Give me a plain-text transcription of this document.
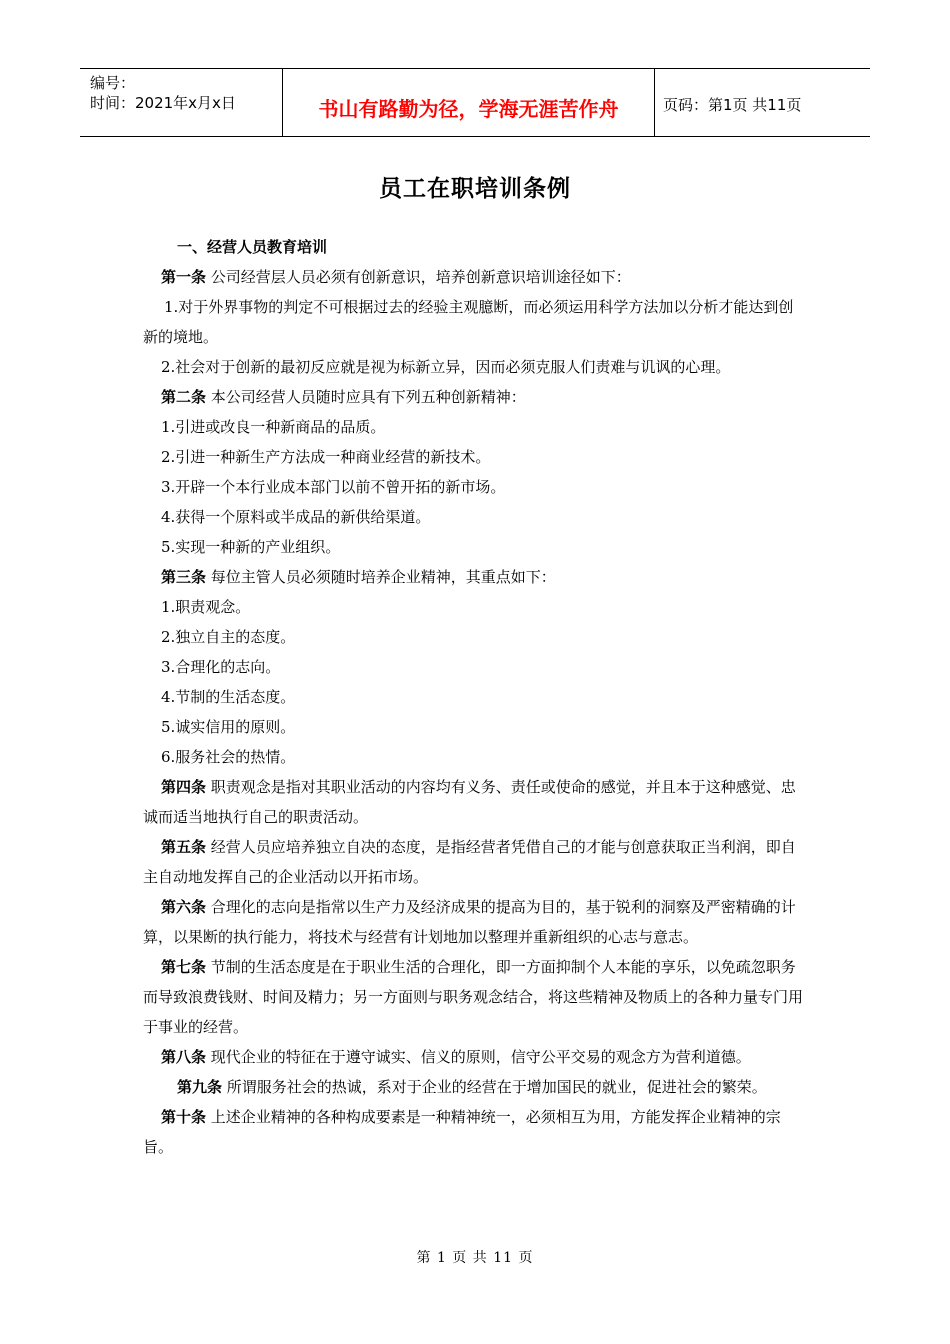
编号：
时间：2021年x月x日	书山有路勤为径，学海无涯苦作舟	页码：第1页 共11页
员工在职培训条例

一、经营人员教育培训

第一条 公司经营层人员必须有创新意识，培养创新意识培训途径如下：

1.对于外界事物的判定不可根据过去的经验主观臆断，而必须运用科学方法加以分析才能达到创新的境地。

2.社会对于创新的最初反应就是视为标新立异，因而必须克服人们责难与讥讽的心理。

第二条 本公司经营人员随时应具有下列五种创新精神：

1.引进或改良一种新商品的品质。

2.引进一种新生产方法成一种商业经营的新技术。

3.开辟一个本行业成本部门以前不曾开拓的新市场。

4.获得一个原料或半成品的新供给渠道。

5.实现一种新的产业组织。

第三条 每位主管人员必须随时培养企业精神，其重点如下：

1.职责观念。

2.独立自主的态度。

3.合理化的志向。

4.节制的生活态度。

5.诚实信用的原则。

6.服务社会的热情。

第四条 职责观念是指对其职业活动的内容均有义务、责任或使命的感觉，并且本于这种感觉、忠诚而适当地执行自己的职责活动。

第五条 经营人员应培养独立自决的态度，是指经营者凭借自己的才能与创意获取正当利润，即自主自动地发挥自己的企业活动以开拓市场。

第六条 合理化的志向是指常以生产力及经济成果的提高为目的，基于锐利的洞察及严密精确的计算，以果断的执行能力，将技术与经营有计划地加以整理并重新组织的心志与意志。

第七条 节制的生活态度是在于职业生活的合理化，即一方面抑制个人本能的享乐，以免疏忽职务而导致浪费钱财、时间及精力；另一方面则与职务观念结合，将这些精神及物质上的各种力量专门用于事业的经营。

第八条 现代企业的特征在于遵守诚实、信义的原则，信守公平交易的观念方为营利道德。

第九条 所谓服务社会的热诚，系对于企业的经营在于增加国民的就业，促进社会的繁荣。

第十条 上述企业精神的各种构成要素是一种精神统一，必须相互为用，方能发挥企业精神的宗旨。

第 1 页 共 11 页
